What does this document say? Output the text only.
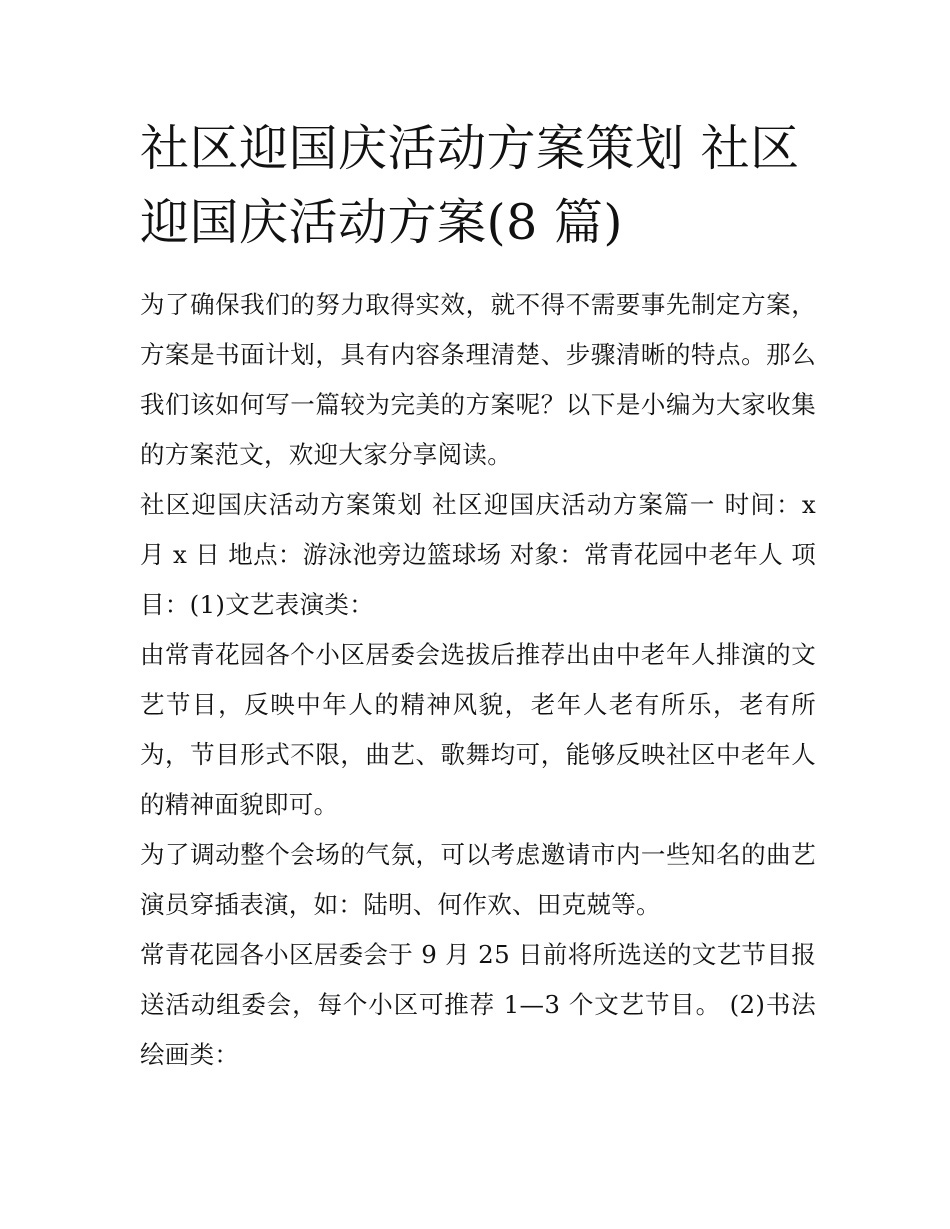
社区迎国庆活动方案策划 社区迎国庆活动方案(8 篇)

为了确保我们的努力取得实效，就不得不需要事先制定方案，方案是书面计划，具有内容条理清楚、步骤清晰的特点。那么我们该如何写一篇较为完美的方案呢？以下是小编为大家收集的方案范文，欢迎大家分享阅读。

社区迎国庆活动方案策划 社区迎国庆活动方案篇一 时间：x 月 x 日 地点：游泳池旁边篮球场 对象：常青花园中老年人 项目：(1)文艺表演类：

由常青花园各个小区居委会选拔后推荐出由中老年人排演的文艺节目，反映中年人的精神风貌，老年人老有所乐，老有所为，节目形式不限，曲艺、歌舞均可，能够反映社区中老年人的精神面貌即可。

为了调动整个会场的气氛，可以考虑邀请市内一些知名的曲艺演员穿插表演，如：陆明、何作欢、田克兢等。

常青花园各小区居委会于 9 月 25 日前将所选送的文艺节目报送活动组委会，每个小区可推荐 1—3 个文艺节目。 (2)书法绘画类：
